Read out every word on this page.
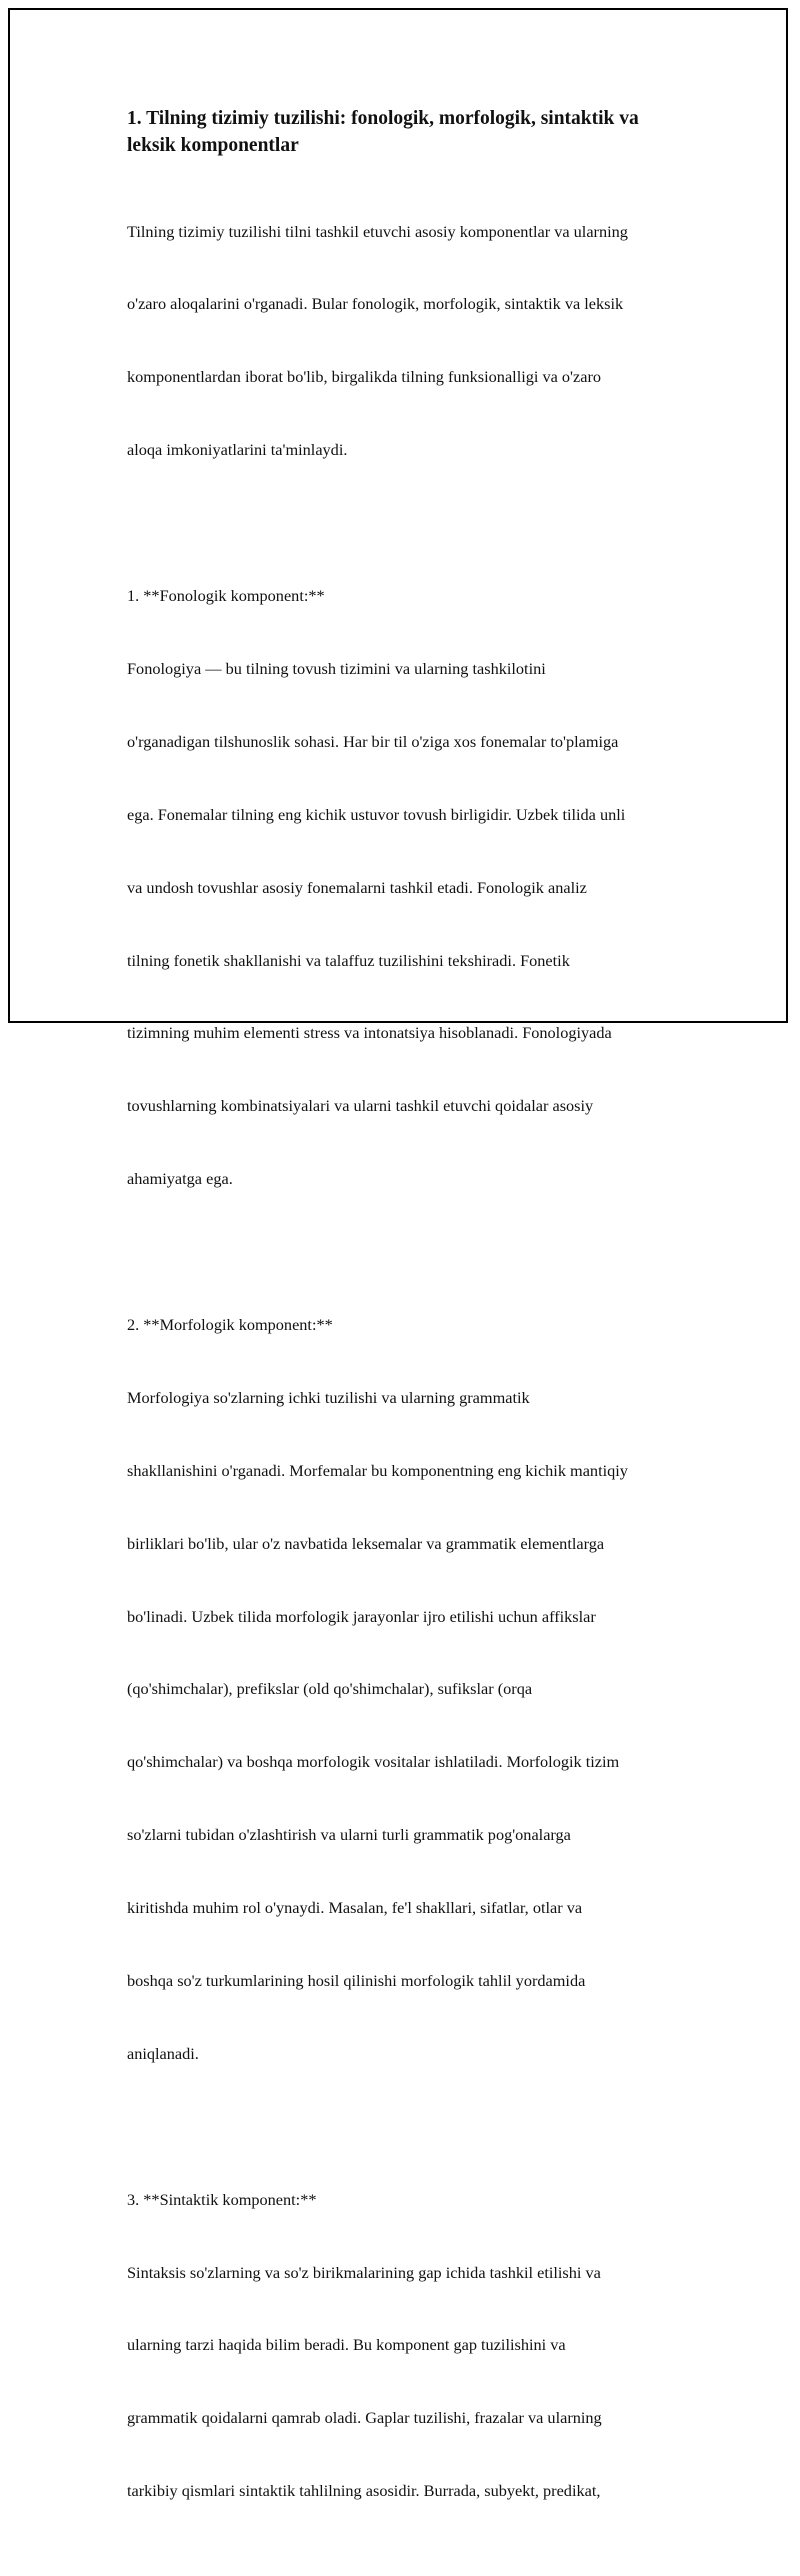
1. Tilning tizimiy tuzilishi: fonologik, morfologik, sintaktik va
leksik komponentlar

Tilning tizimiy tuzilishi tilni tashkil etuvchi asosiy komponentlar va ularning

o'zaro aloqalarini o'rganadi. Bular fonologik, morfologik, sintaktik va leksik

komponentlardan iborat bo'lib, birgalikda tilning funksionalligi va o'zaro

aloqa imkoniyatlarini ta'minlaydi.

1. **Fonologik komponent:**

Fonologiya — bu tilning tovush tizimini va ularning tashkilotini

o'rganadigan tilshunoslik sohasi. Har bir til o'ziga xos fonemalar to'plamiga

ega. Fonemalar tilning eng kichik ustuvor tovush birligidir. Uzbek tilida unli

va undosh tovushlar asosiy fonemalarni tashkil etadi. Fonologik analiz

tilning fonetik shakllanishi va talaffuz tuzilishini tekshiradi. Fonetik

tizimning muhim elementi stress va intonatsiya hisoblanadi. Fonologiyada

tovushlarning kombinatsiyalari va ularni tashkil etuvchi qoidalar asosiy

ahamiyatga ega.

2. **Morfologik komponent:**

Morfologiya so'zlarning ichki tuzilishi va ularning grammatik

shakllanishini o'rganadi. Morfemalar bu komponentning eng kichik mantiqiy

birliklari bo'lib, ular o'z navbatida leksemalar va grammatik elementlarga

bo'linadi. Uzbek tilida morfologik jarayonlar ijro etilishi uchun affikslar

(qo'shimchalar), prefikslar (old qo'shimchalar), sufikslar (orqa

qo'shimchalar) va boshqa morfologik vositalar ishlatiladi. Morfologik tizim

so'zlarni tubidan o'zlashtirish va ularni turli grammatik pog'onalarga

kiritishda muhim rol o'ynaydi. Masalan, fe'l shakllari, sifatlar, otlar va

boshqa so'z turkumlarining hosil qilinishi morfologik tahlil yordamida

aniqlanadi.

3. **Sintaktik komponent:**

Sintaksis so'zlarning va so'z birikmalarining gap ichida tashkil etilishi va

ularning tarzi haqida bilim beradi. Bu komponent gap tuzilishini va

grammatik qoidalarni qamrab oladi. Gaplar tuzilishi, frazalar va ularning

tarkibiy qismlari sintaktik tahlilning asosidir. Burrada, subyekt, predikat,
